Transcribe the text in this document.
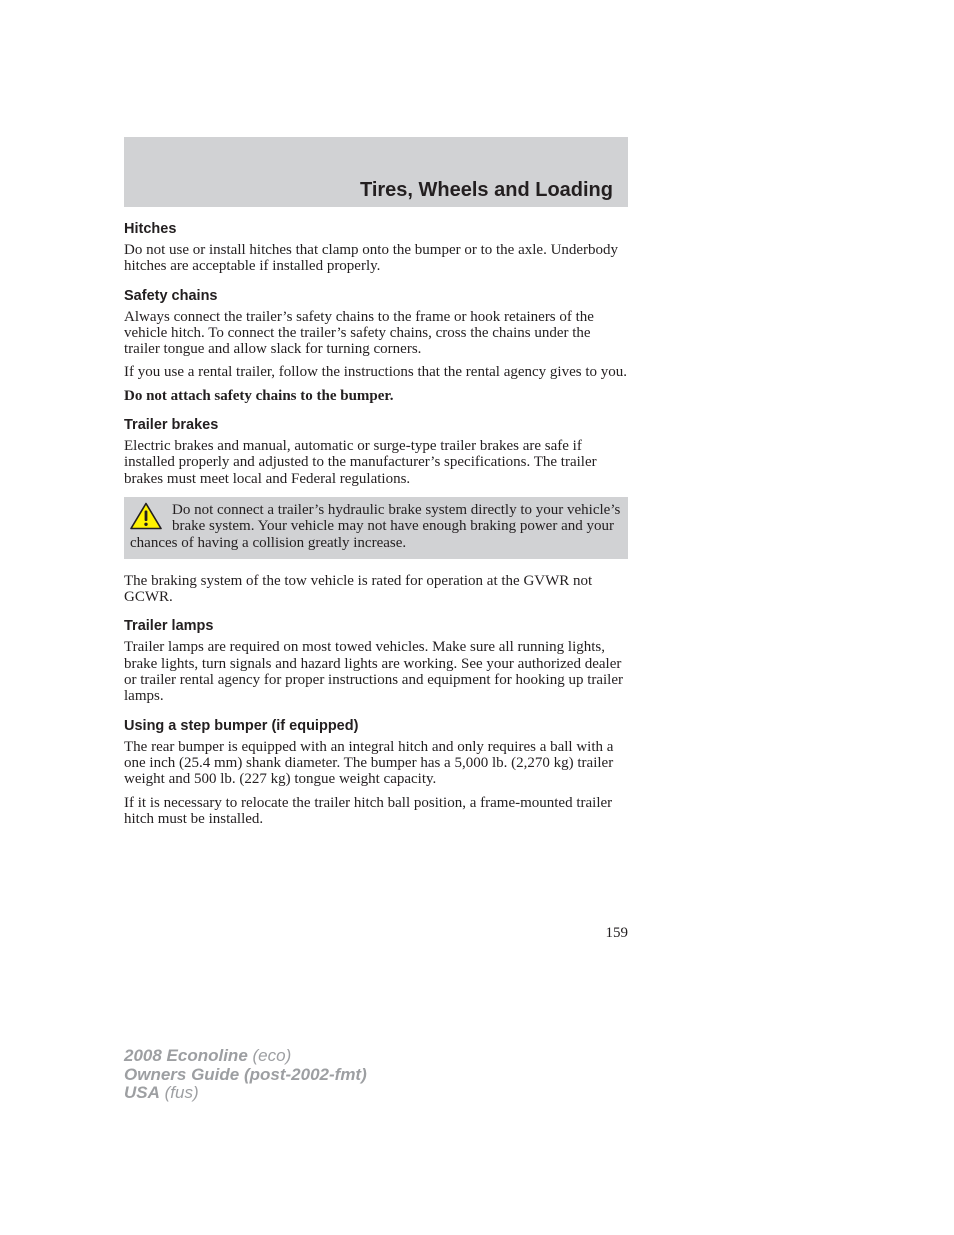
Tires, Wheels and Loading
Hitches

Do not use or install hitches that clamp onto the bumper or to the axle. Underbody hitches are acceptable if installed properly.

Safety chains

Always connect the trailer’s safety chains to the frame or hook retainers of the vehicle hitch. To connect the trailer’s safety chains, cross the chains under the trailer tongue and allow slack for turning corners.

If you use a rental trailer, follow the instructions that the rental agency gives to you.

Do not attach safety chains to the bumper.

Trailer brakes

Electric brakes and manual, automatic or surge-type trailer brakes are safe if installed properly and adjusted to the manufacturer’s specifications. The trailer brakes must meet local and Federal regulations.

Do not connect a trailer’s hydraulic brake system directly to your vehicle’s brake system. Your vehicle may not have enough braking power and your chances of having a collision greatly increase.

The braking system of the tow vehicle is rated for operation at the GVWR not GCWR.

Trailer lamps

Trailer lamps are required on most towed vehicles. Make sure all running lights, brake lights, turn signals and hazard lights are working. See your authorized dealer or trailer rental agency for proper instructions and equipment for hooking up trailer lamps.

Using a step bumper (if equipped)

The rear bumper is equipped with an integral hitch and only requires a ball with a one inch (25.4 mm) shank diameter. The bumper has a 5,000 lb. (2,270 kg) trailer weight and 500 lb. (227 kg) tongue weight capacity.

If it is necessary to relocate the trailer hitch ball position, a frame-mounted trailer hitch must be installed.

159
2008 Econoline (eco)
Owners Guide (post-2002-fmt)
USA (fus)
